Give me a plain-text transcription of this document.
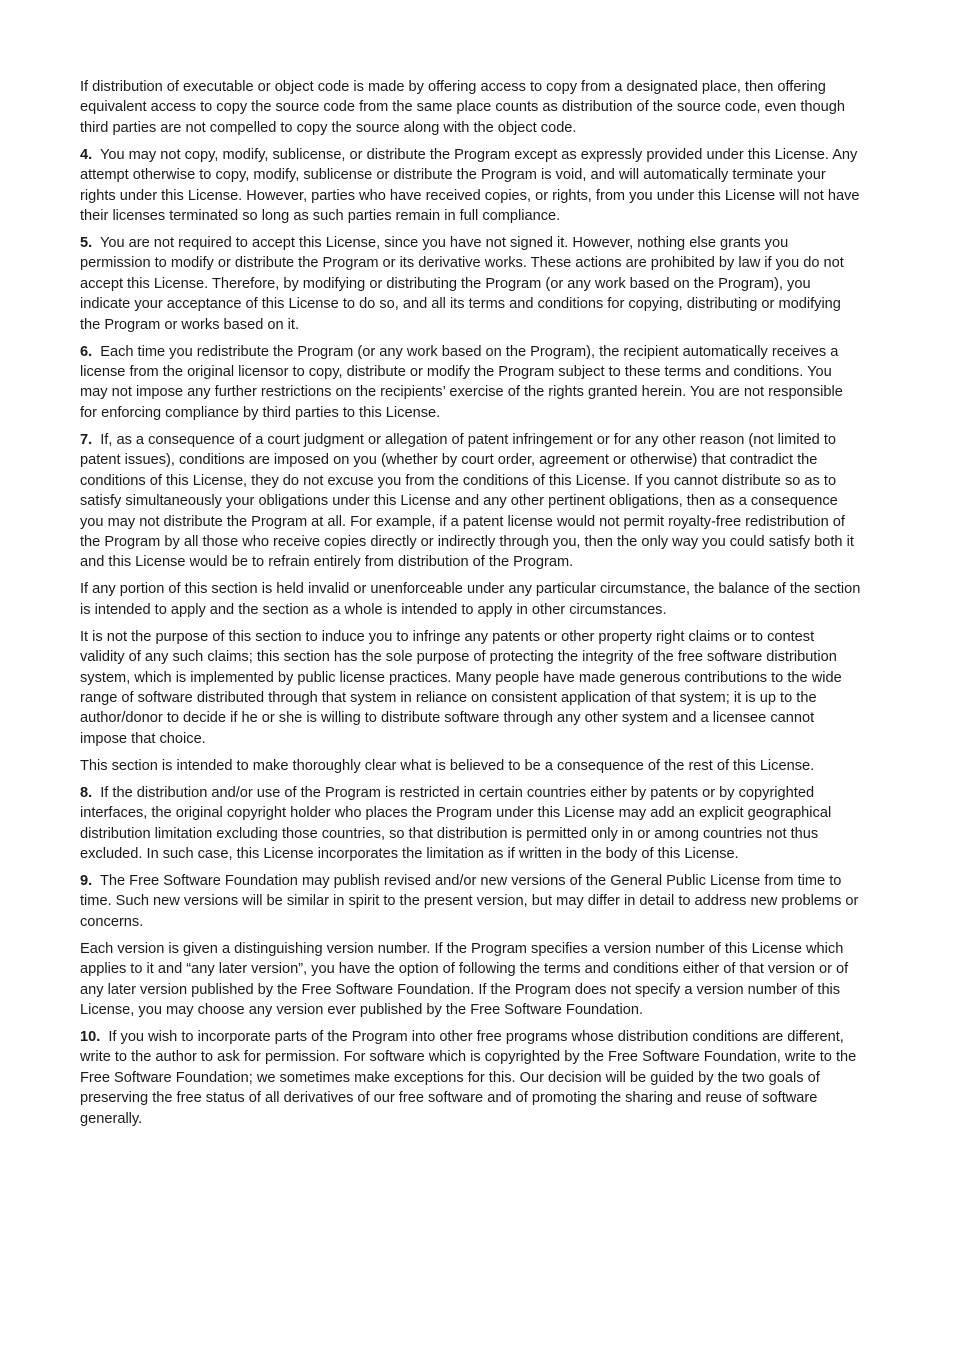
If distribution of executable or object code is made by offering access to copy from a designated place, then offering equivalent access to copy the source code from the same place counts as distribution of the source code, even though third parties are not compelled to copy the source along with the object code.

4. You may not copy, modify, sublicense, or distribute the Program except as expressly provided under this License. Any attempt otherwise to copy, modify, sublicense or distribute the Program is void, and will automatically terminate your rights under this License. However, parties who have received copies, or rights, from you under this License will not have their licenses terminated so long as such parties remain in full compliance.

5. You are not required to accept this License, since you have not signed it. However, nothing else grants you permission to modify or distribute the Program or its derivative works. These actions are prohibited by law if you do not accept this License. Therefore, by modifying or distributing the Program (or any work based on the Program), you indicate your acceptance of this License to do so, and all its terms and conditions for copying, distributing or modifying the Program or works based on it.

6. Each time you redistribute the Program (or any work based on the Program), the recipient automatically receives a license from the original licensor to copy, distribute or modify the Program subject to these terms and conditions. You may not impose any further restrictions on the recipients’ exercise of the rights granted herein. You are not responsible for enforcing compliance by third parties to this License.

7. If, as a consequence of a court judgment or allegation of patent infringement or for any other reason (not limited to patent issues), conditions are imposed on you (whether by court order, agreement or otherwise) that contradict the conditions of this License, they do not excuse you from the conditions of this License. If you cannot distribute so as to satisfy simultaneously your obligations under this License and any other pertinent obligations, then as a consequence you may not distribute the Program at all. For example, if a patent license would not permit royalty-free redistribution of the Program by all those who receive copies directly or indirectly through you, then the only way you could satisfy both it and this License would be to refrain entirely from distribution of the Program.

If any portion of this section is held invalid or unenforceable under any particular circumstance, the balance of the section is intended to apply and the section as a whole is intended to apply in other circumstances.

It is not the purpose of this section to induce you to infringe any patents or other property right claims or to contest validity of any such claims; this section has the sole purpose of protecting the integrity of the free software distribution system, which is implemented by public license practices. Many people have made generous contributions to the wide range of software distributed through that system in reliance on consistent application of that system; it is up to the author/donor to decide if he or she is willing to distribute software through any other system and a licensee cannot impose that choice.

This section is intended to make thoroughly clear what is believed to be a consequence of the rest of this License.

8. If the distribution and/or use of the Program is restricted in certain countries either by patents or by copyrighted interfaces, the original copyright holder who places the Program under this License may add an explicit geographical distribution limitation excluding those countries, so that distribution is permitted only in or among countries not thus excluded. In such case, this License incorporates the limitation as if written in the body of this License.

9. The Free Software Foundation may publish revised and/or new versions of the General Public License from time to time. Such new versions will be similar in spirit to the present version, but may differ in detail to address new problems or concerns.

Each version is given a distinguishing version number. If the Program specifies a version number of this License which applies to it and “any later version”, you have the option of following the terms and conditions either of that version or of any later version published by the Free Software Foundation. If the Program does not specify a version number of this License, you may choose any version ever published by the Free Software Foundation.

10. If you wish to incorporate parts of the Program into other free programs whose distribution conditions are different, write to the author to ask for permission. For software which is copyrighted by the Free Software Foundation, write to the Free Software Foundation; we sometimes make exceptions for this. Our decision will be guided by the two goals of preserving the free status of all derivatives of our free software and of promoting the sharing and reuse of software generally.
